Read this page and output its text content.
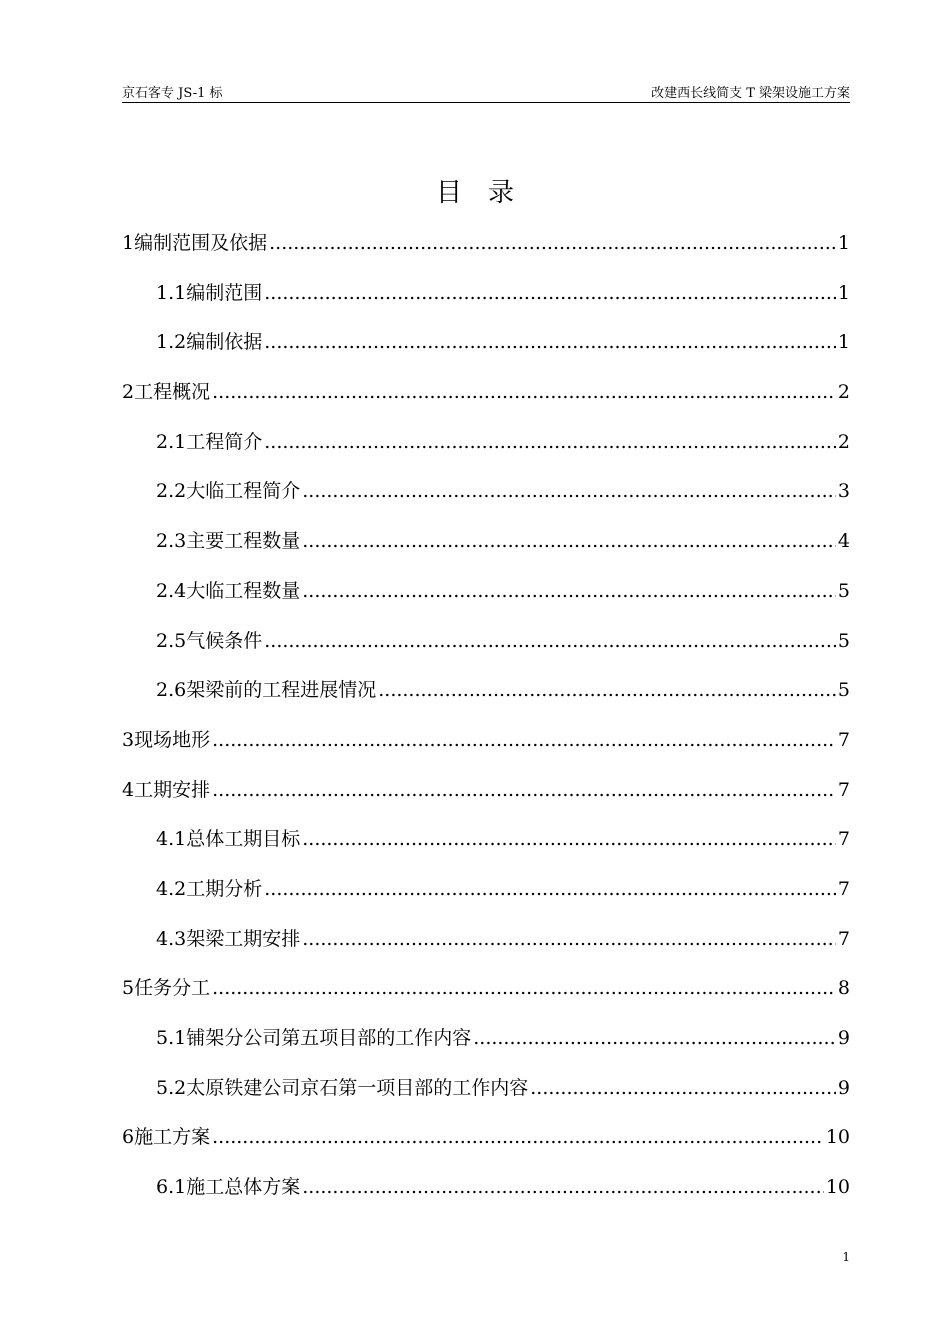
京石客专 JS-1 标	改建西长线简支 T 梁架设施工方案
目录
1 编制范围及依据 .....	1
1.1 编制范围 .....	1
1.2 编制依据 .....	1
2 工程概况 .....	2
2.1 工程简介 .....	2
2.2 大临工程简介 .....	3
2.3 主要工程数量 .....	4
2.4 大临工程数量 .....	5
2.5 气候条件 .....	5
2.6 架梁前的工程进展情况 .....	5
3 现场地形 .....	7
4 工期安排 .....	7
4.1 总体工期目标 .....	7
4.2 工期分析 .....	7
4.3 架梁工期安排 .....	7
5 任务分工 .....	8
5.1 铺架分公司第五项目部的工作内容 .....	9
5.2 太原铁建公司京石第一项目部的工作内容 .....	9
6 施工方案 .....	10
6.1 施工总体方案 .....	10
1
